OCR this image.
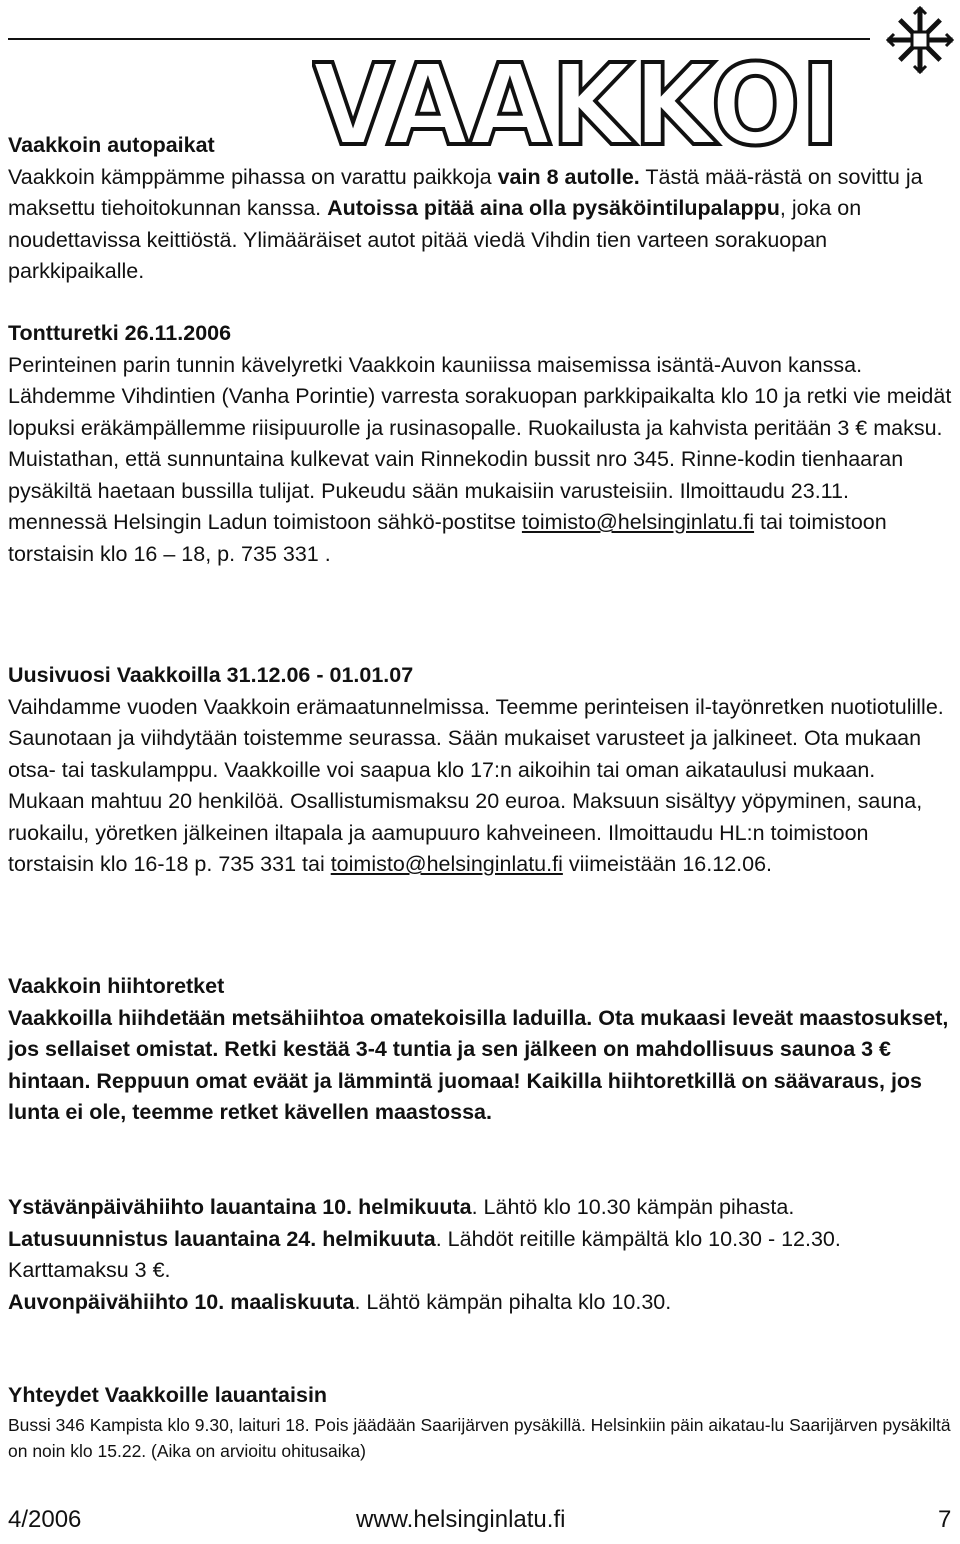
VAAKKOI

Vaakkoin autopaikat

Vaakkoin kämppämme pihassa on varattu paikkoja vain 8 autolle. Tästä mää-rästä on sovittu ja maksettu tiehoitokunnan kanssa. Autoissa pitää aina olla pysäköintilupalappu, joka on noudettavissa keittiöstä. Ylimääräiset autot pitää viedä Vihdin tien varteen sorakuopan parkkipaikalle.

Tontturetki 26.11.2006

Perinteinen parin tunnin kävelyretki Vaakkoin kauniissa maisemissa isäntä-Auvon kanssa. Lähdemme Vihdintien (Vanha Porintie) varresta sorakuopan parkkipaikalta klo 10 ja retki vie meidät lopuksi eräkämpällemme riisipuurolle ja rusinasopalle. Ruokailusta ja kahvista peritään 3 € maksu. Muistathan, että sunnuntaina kulkevat vain Rinnekodin bussit nro 345. Rinne-kodin tienhaaran pysäkiltä haetaan bussilla tulijat. Pukeudu sään mukaisiin varusteisiin. Ilmoittaudu 23.11. mennessä Helsingin Ladun toimistoon sähkö-postitse toimisto@helsinginlatu.fi tai toimistoon torstaisin klo 16 – 18, p. 735 331 .

Uusivuosi Vaakkoilla 31.12.06 - 01.01.07

Vaihdamme vuoden Vaakkoin erämaatunnelmissa. Teemme perinteisen il-tayönretken nuotiotulille. Saunotaan ja viihdytään toistemme seurassa. Sään mukaiset varusteet ja jalkineet. Ota mukaan otsa- tai taskulamppu. Vaakkoille voi saapua klo 17:n aikoihin tai oman aikataulusi mukaan. Mukaan mahtuu 20 henkilöä. Osallistumismaksu 20 euroa. Maksuun sisältyy yöpyminen, sauna, ruokailu, yöretken jälkeinen iltapala ja aamupuuro kahveineen. Ilmoittaudu HL:n toimistoon torstaisin klo 16-18 p. 735 331 tai toimisto@helsinginlatu.fi viimeistään 16.12.06.

Vaakkoin hiihtoretket

Vaakkoilla hiihdetään metsähiihtoa omatekoisilla laduilla. Ota mukaasi leveät maastosukset, jos sellaiset omistat. Retki kestää 3-4 tuntia ja sen jälkeen on mahdollisuus saunoa 3 € hintaan. Reppuun omat eväät ja lämmintä juomaa! Kaikilla hiihtoretkillä on säävaraus, jos lunta ei ole, teemme retket kävellen maastossa.

Ystävänpäivähiihto lauantaina 10. helmikuuta. Lähtö klo 10.30 kämpän pihasta.

Latusuunnistus lauantaina 24. helmikuuta. Lähdöt reitille kämpältä klo 10.30 - 12.30. Karttamaksu 3 €.

Auvonpäivähiihto 10. maaliskuuta. Lähtö kämpän pihalta klo 10.30.

Yhteydet Vaakkoille lauantaisin

Bussi 346 Kampista klo 9.30, laituri 18. Pois jäädään Saarijärven pysäkillä. Helsinkiin päin aikatau-lu Saarijärven pysäkiltä on noin klo 15.22. (Aika on arvioitu ohitusaika)

4/2006	www.helsinginlatu.fi	7
